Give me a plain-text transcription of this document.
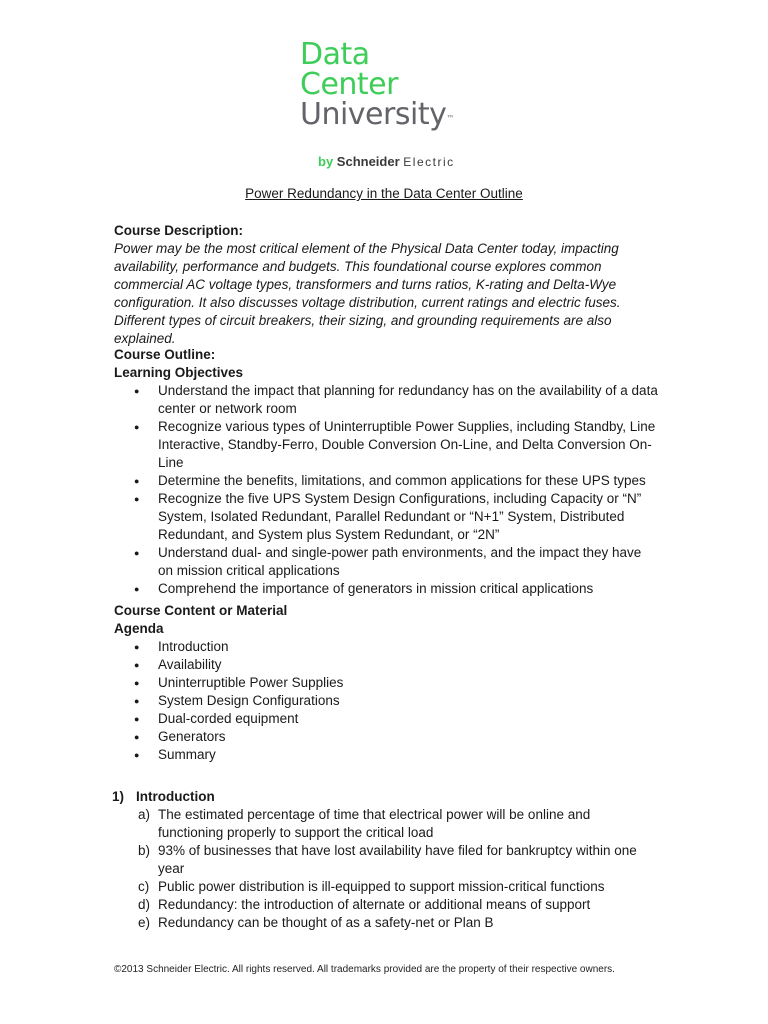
Data
Center
University™
by Schneider Electric
Power Redundancy in the Data Center Outline
Course Description:
Power may be the most critical element of the Physical Data Center today, impacting availability, performance and budgets. This foundational course explores common commercial AC voltage types, transformers and turns ratios, K-rating and Delta-Wye configuration. It also discusses voltage distribution, current ratings and electric fuses. Different types of circuit breakers, their sizing, and grounding requirements are also explained.
Course Outline:
Learning Objectives
● Understand the impact that planning for redundancy has on the availability of a data center or network room
● Recognize various types of Uninterruptible Power Supplies, including Standby, Line Interactive, Standby-Ferro, Double Conversion On-Line, and Delta Conversion On-Line
● Determine the benefits, limitations, and common applications for these UPS types
● Recognize the five UPS System Design Configurations, including Capacity or “N” System, Isolated Redundant, Parallel Redundant or “N+1” System, Distributed Redundant, and System plus System Redundant, or “2N”
● Understand dual- and single-power path environments, and the impact they have on mission critical applications
● Comprehend the importance of generators in mission critical applications
Course Content or Material
Agenda
● Introduction
● Availability
● Uninterruptible Power Supplies
● System Design Configurations
● Dual-corded equipment
● Generators
● Summary
1) Introduction
a) The estimated percentage of time that electrical power will be online and functioning properly to support the critical load
b) 93% of businesses that have lost availability have filed for bankruptcy within one year
c) Public power distribution is ill-equipped to support mission-critical functions
d) Redundancy: the introduction of alternate or additional means of support
e) Redundancy can be thought of as a safety-net or Plan B
©2013 Schneider Electric. All rights reserved. All trademarks provided are the property of their respective owners.
